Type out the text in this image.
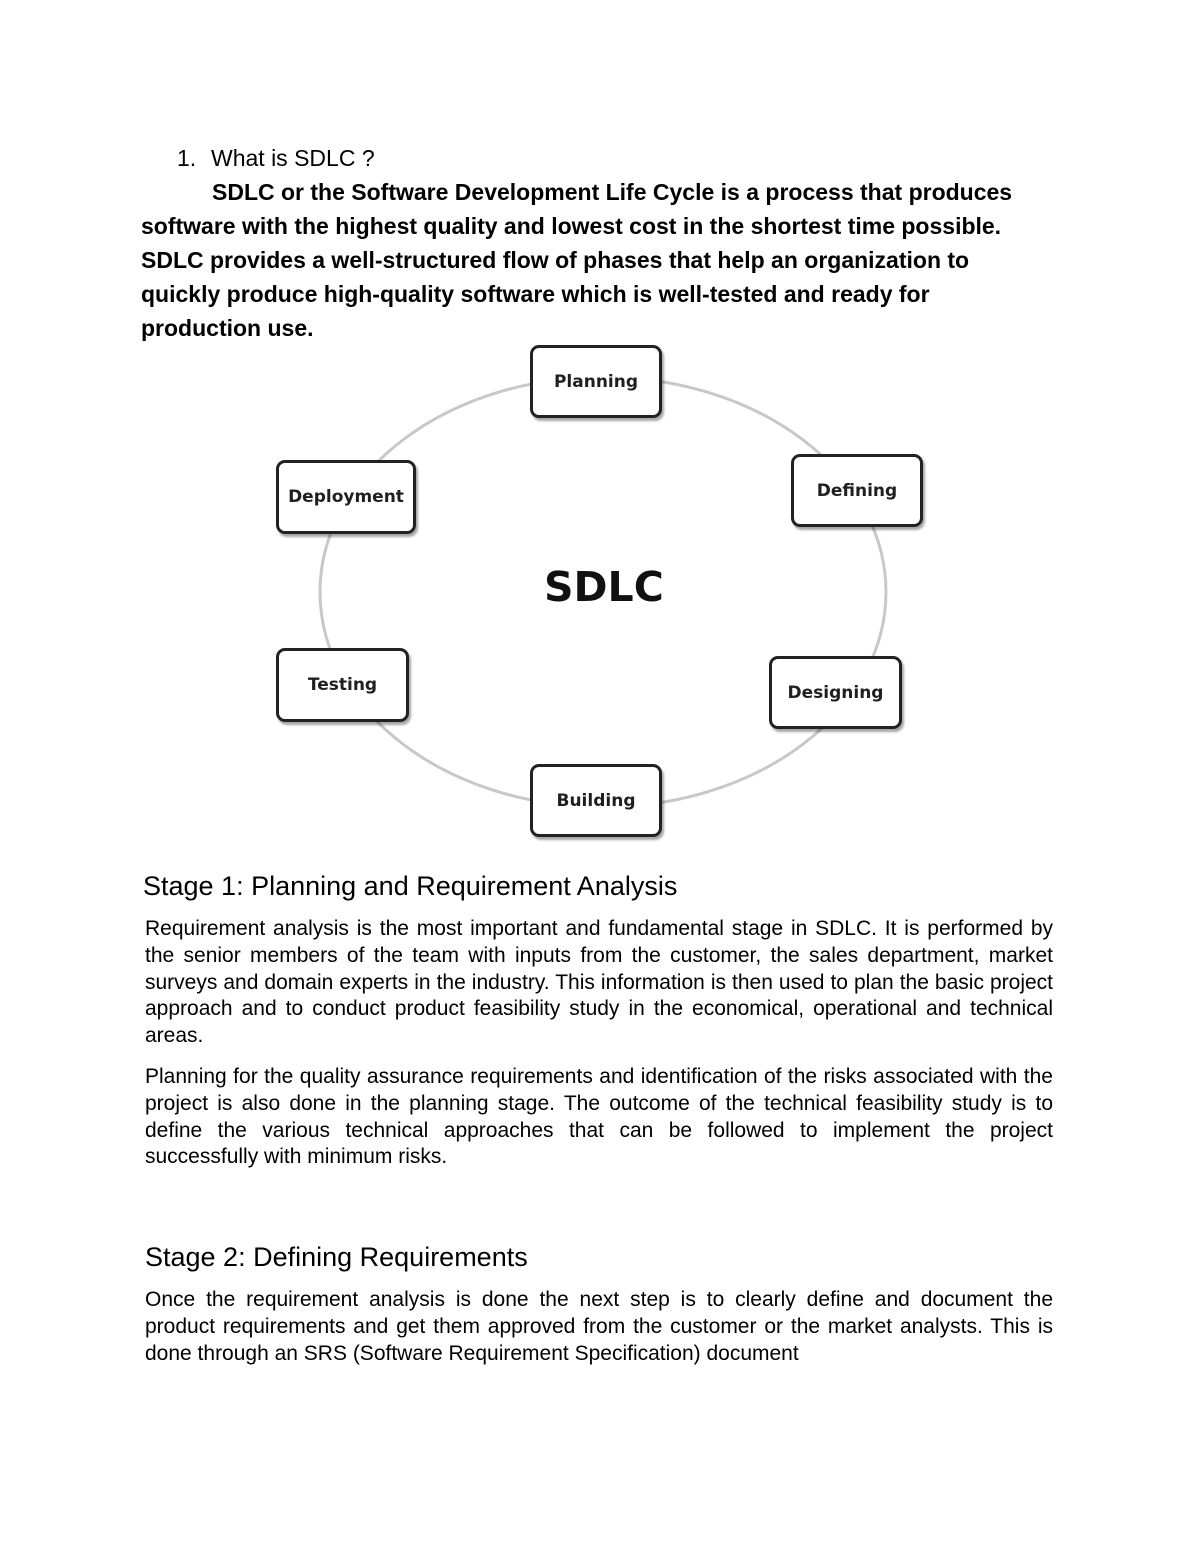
1. What is SDLC ?

SDLC or the Software Development Life Cycle is a process that produces
software with the highest quality and lowest cost in the shortest time possible.
SDLC provides a well-structured flow of phases that help an organization to
quickly produce high-quality software which is well-tested and ready for
production use.

Planning
Defining
Designing
Building
Testing
Deployment
SDLC
Stage 1: Planning and Requirement Analysis

Requirement analysis is the most important and fundamental stage in SDLC. It is performed by the senior members of the team with inputs from the customer, the sales department, market surveys and domain experts in the industry. This information is then used to plan the basic project approach and to conduct product feasibility study in the economical, operational and technical areas.

Planning for the quality assurance requirements and identification of the risks associated with the project is also done in the planning stage. The outcome of the technical feasibility study is to define the various technical approaches that can be followed to implement the project successfully with minimum risks.

Stage 2: Defining Requirements

Once the requirement analysis is done the next step is to clearly define and document the product requirements and get them approved from the customer or the market analysts. This is done through an SRS (Software Requirement Specification) document
